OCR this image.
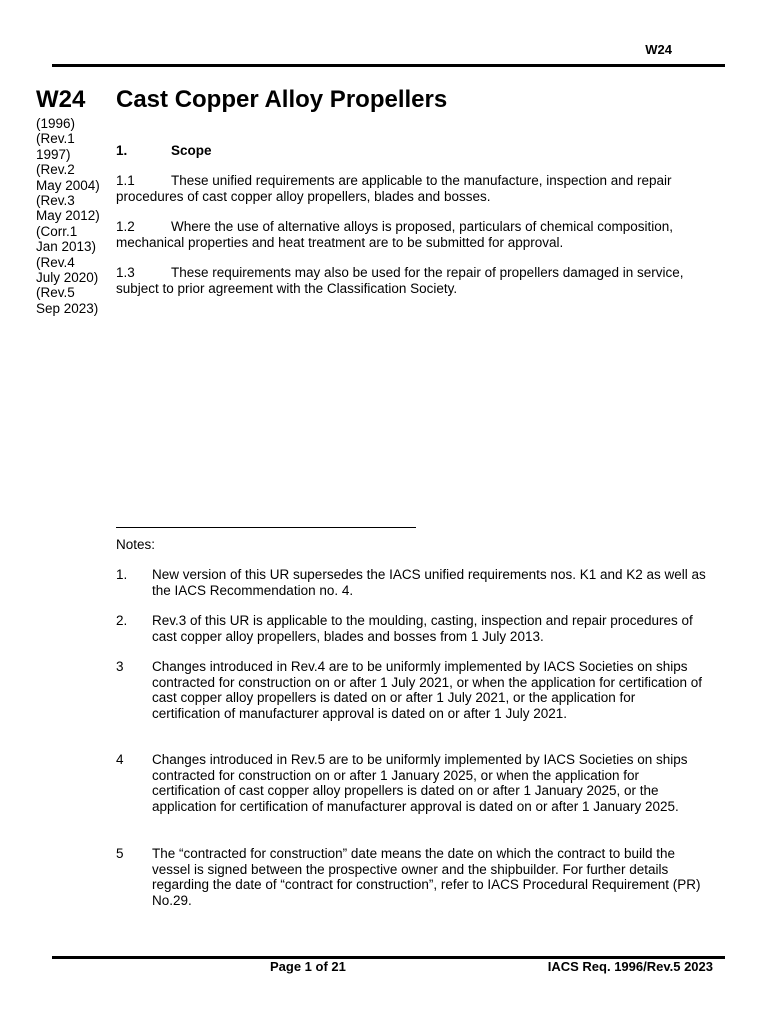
W24
W24 Cast Copper Alloy Propellers
(1996)
(Rev.1
1997)
(Rev.2
May 2004)
(Rev.3
May 2012)
(Corr.1
Jan 2013)
(Rev.4
July 2020)
(Rev.5
Sep 2023)
1.	Scope
1.1	These unified requirements are applicable to the manufacture, inspection and repair procedures of cast copper alloy propellers, blades and bosses.
1.2	Where the use of alternative alloys is proposed, particulars of chemical composition, mechanical properties and heat treatment are to be submitted for approval.
1.3	These requirements may also be used for the repair of propellers damaged in service, subject to prior agreement with the Classification Society.
Notes:
1. New version of this UR supersedes the IACS unified requirements nos. K1 and K2 as well as the IACS Recommendation no. 4.
2. Rev.3 of this UR is applicable to the moulding, casting, inspection and repair procedures of cast copper alloy propellers, blades and bosses from 1 July 2013.
3 Changes introduced in Rev.4 are to be uniformly implemented by IACS Societies on ships contracted for construction on or after 1 July 2021, or when the application for certification of cast copper alloy propellers is dated on or after 1 July 2021, or the application for certification of manufacturer approval is dated on or after 1 July 2021.
4 Changes introduced in Rev.5 are to be uniformly implemented by IACS Societies on ships contracted for construction on or after 1 January 2025, or when the application for certification of cast copper alloy propellers is dated on or after 1 January 2025, or the application for certification of manufacturer approval is dated on or after 1 January 2025.
5 The “contracted for construction” date means the date on which the contract to build the vessel is signed between the prospective owner and the shipbuilder. For further details regarding the date of “contract for construction”, refer to IACS Procedural Requirement (PR) No.29.
Page 1 of 21	IACS Req. 1996/Rev.5 2023
